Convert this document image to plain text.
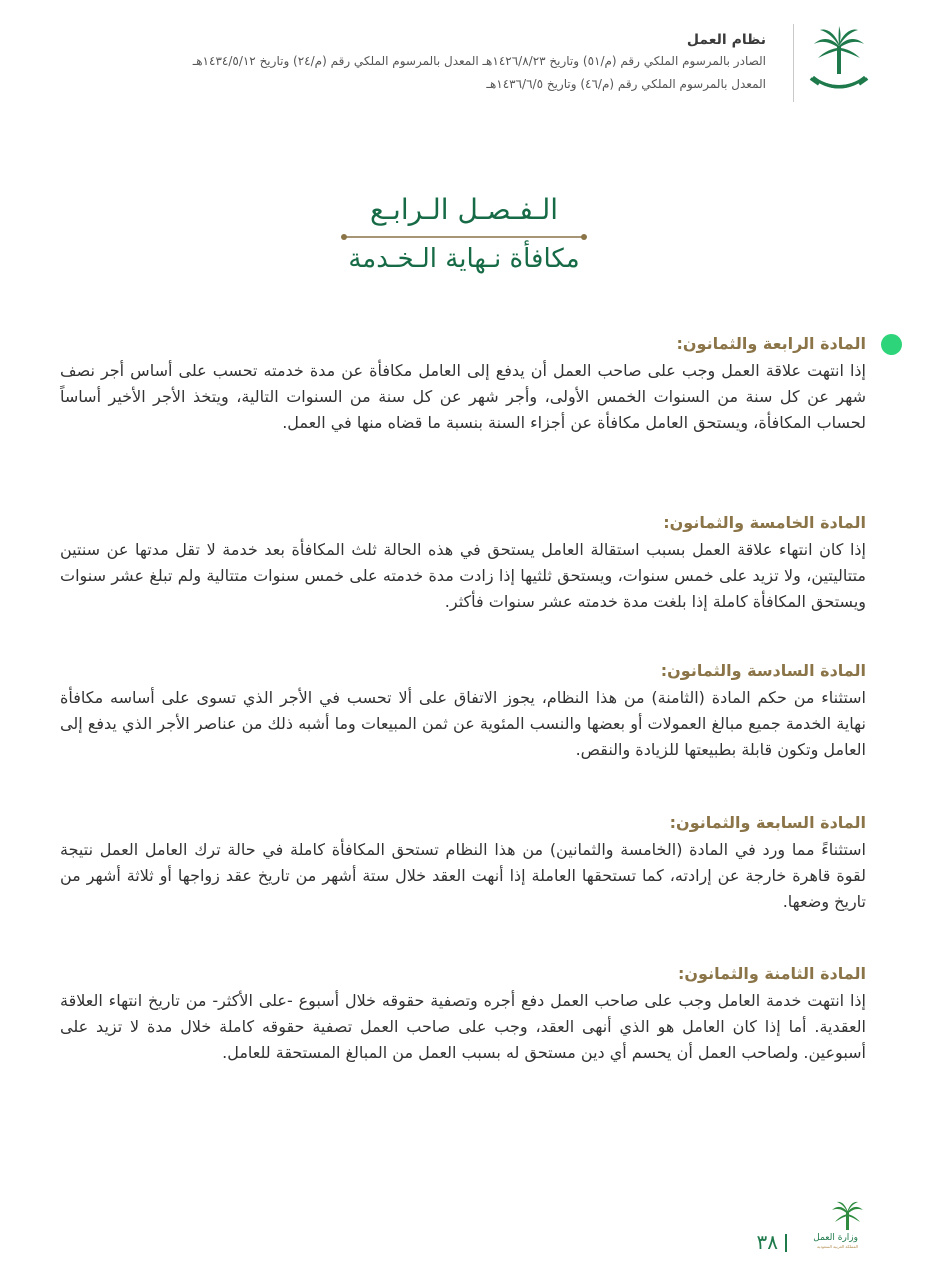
نظام العمل
الصادر بالمرسوم الملكي رقم (م/٥١) وتاريخ ١٤٢٦/٨/٢٣هـ المعدل بالمرسوم الملكي رقم (م/٢٤) وتاريخ ١٤٣٤/٥/١٢هـ
المعدل بالمرسوم الملكي رقم (م/٤٦) وتاريخ ١٤٣٦/٦/٥هـ
الـفـصـل الـرابـع
مكافأة نـهاية الـخـدمة
المادة الرابعة والثمانون:
إذا انتهت علاقة العمل وجب على صاحب العمل أن يدفع إلى العامل مكافأة عن مدة خدمته تحسب على أساس أجر نصف شهر عن كل سنة من السنوات الخمس الأولى، وأجر شهر عن كل سنة من السنوات التالية، ويتخذ الأجر الأخير أساساً لحساب المكافأة، ويستحق العامل مكافأة عن أجزاء السنة بنسبة ما قضاه منها في العمل.
المادة الخامسة والثمانون:
إذا كان انتهاء علاقة العمل بسبب استقالة العامل يستحق في هذه الحالة ثلث المكافأة بعد خدمة لا تقل مدتها عن سنتين متتاليتين، ولا تزيد على خمس سنوات، ويستحق ثلثيها إذا زادت مدة خدمته على خمس سنوات متتالية ولم تبلغ عشر سنوات ويستحق المكافأة كاملة إذا بلغت مدة خدمته عشر سنوات فأكثر.
المادة السادسة والثمانون:
استثناء من حكم المادة (الثامنة) من هذا النظام، يجوز الاتفاق على ألا تحسب في الأجر الذي تسوى على أساسه مكافأة نهاية الخدمة جميع مبالغ العمولات أو بعضها والنسب المئوية عن ثمن المبيعات وما أشبه ذلك من عناصر الأجر الذي يدفع إلى العامل وتكون قابلة بطبيعتها للزيادة والنقص.
المادة السابعة والثمانون:
استثناءً مما ورد في المادة (الخامسة والثمانين) من هذا النظام تستحق المكافأة كاملة في حالة ترك العامل العمل نتيجة لقوة قاهرة خارجة عن إرادته، كما تستحقها العاملة إذا أنهت العقد خلال ستة أشهر من تاريخ عقد زواجها أو ثلاثة أشهر من تاريخ وضعها.
المادة الثامنة والثمانون:
إذا انتهت خدمة العامل وجب على صاحب العمل دفع أجره وتصفية حقوقه خلال أسبوع -على الأكثر- من تاريخ انتهاء العلاقة العقدية. أما إذا كان العامل هو الذي أنهى العقد، وجب على صاحب العمل تصفية حقوقه كاملة خلال مدة لا تزيد على أسبوعين. ولصاحب العمل أن يحسم أي دين مستحق له بسبب العمل من المبالغ المستحقة للعامل.
وزارة العمل
المملكة العربية السعودية
٣٨
